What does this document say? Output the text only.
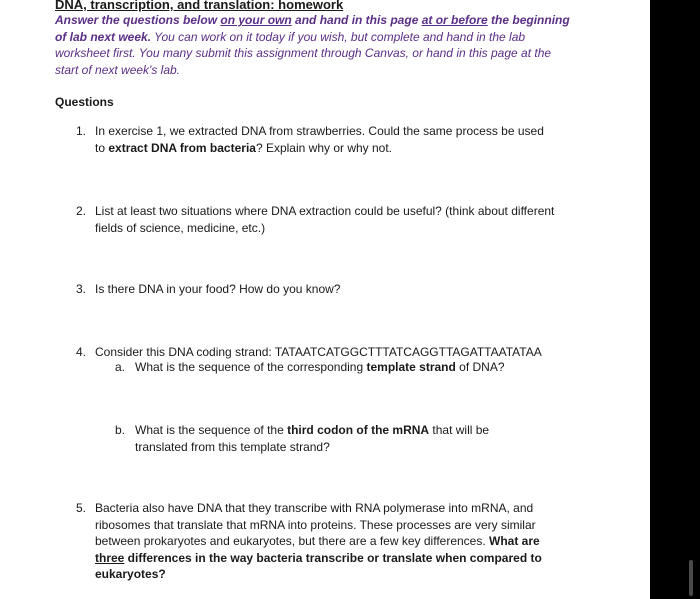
DNA, transcription, and translation: homework
Answer the questions below on your own and hand in this page at or before the beginning of lab next week. You can work on it today if you wish, but complete and hand in the lab worksheet first. You many submit this assignment through Canvas, or hand in this page at the start of next week's lab.
Questions
1. In exercise 1, we extracted DNA from strawberries. Could the same process be used to extract DNA from bacteria? Explain why or why not.
2. List at least two situations where DNA extraction could be useful? (think about different fields of science, medicine, etc.)
3. Is there DNA in your food? How do you know?
4. Consider this DNA coding strand: TATAATCATGGCTTTATCAGGTTAGATTAATATAA
a. What is the sequence of the corresponding template strand of DNA?
b. What is the sequence of the third codon of the mRNA that will be translated from this template strand?
5. Bacteria also have DNA that they transcribe with RNA polymerase into mRNA, and ribosomes that translate that mRNA into proteins. These processes are very similar between prokaryotes and eukaryotes, but there are a few key differences. What are three differences in the way bacteria transcribe or translate when compared to eukaryotes?
